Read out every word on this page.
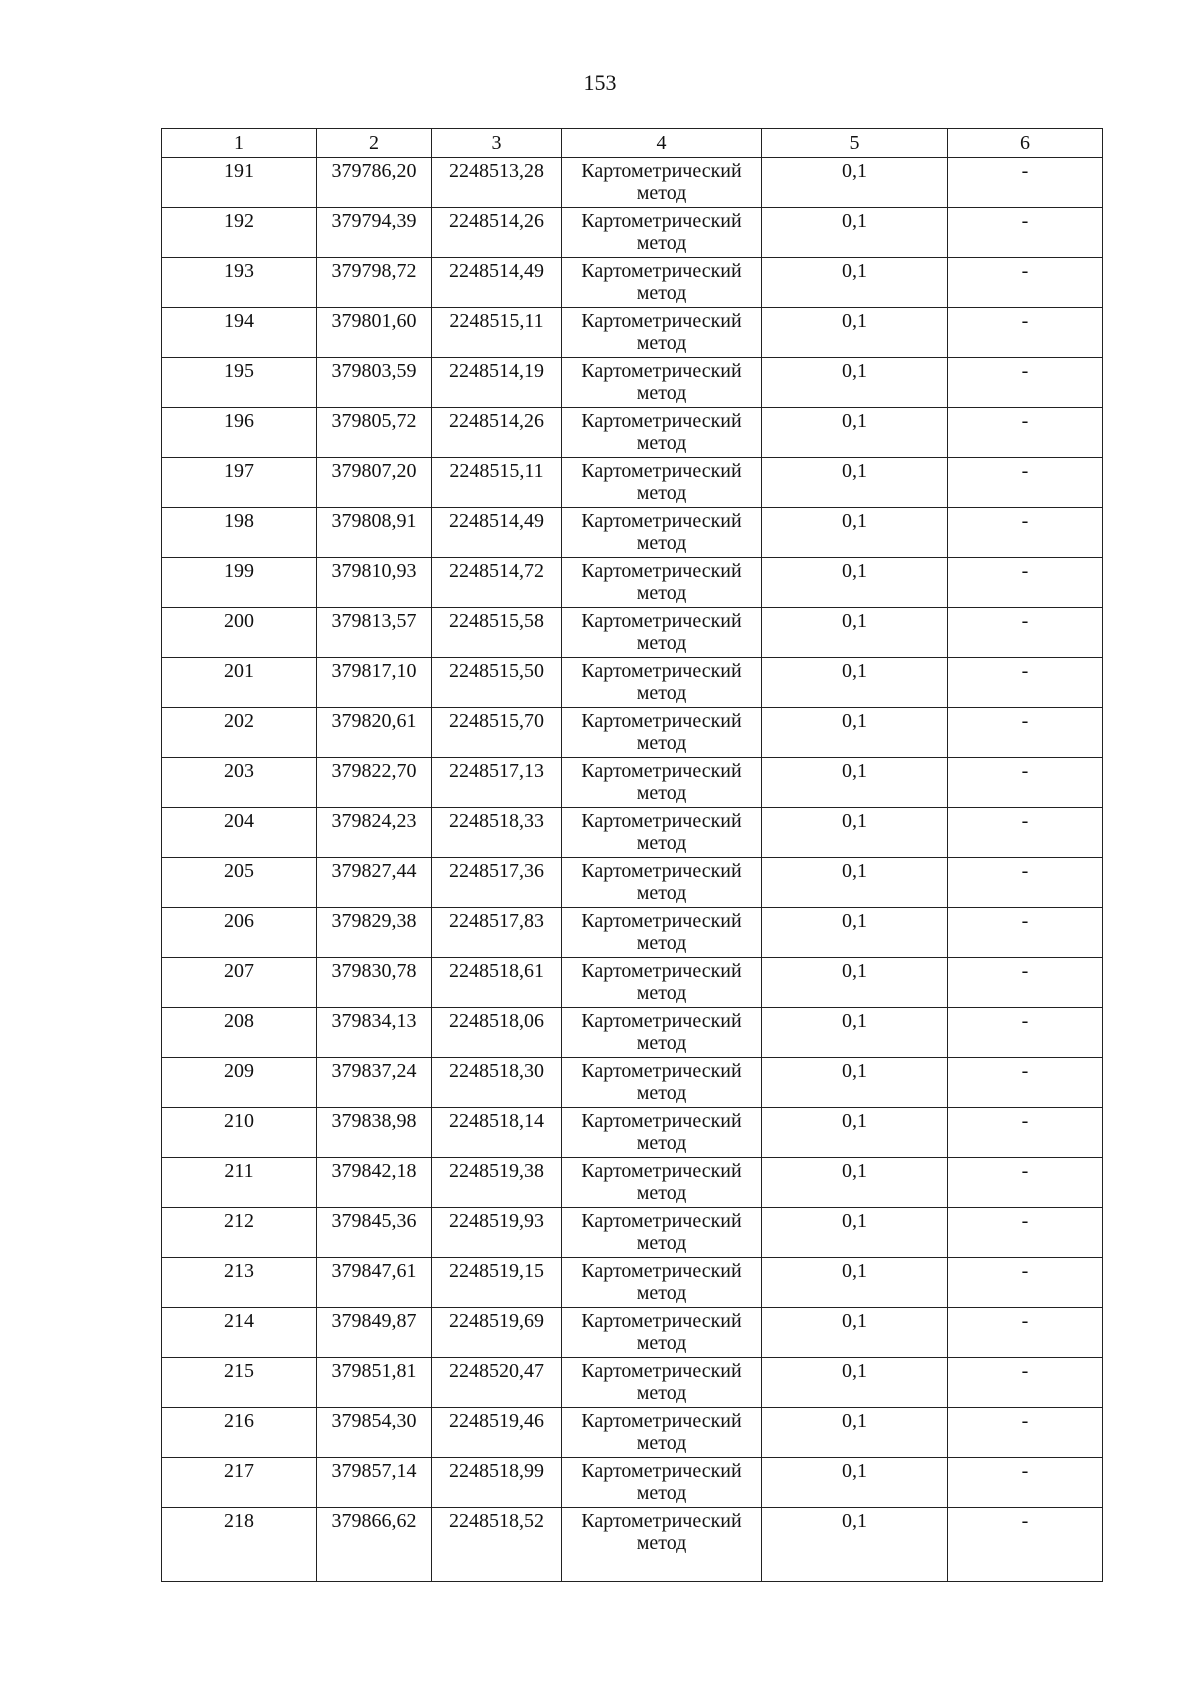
153
1	2	3	4	5	6
191	379786,20	2248513,28	Картометрический метод	0,1	-
192	379794,39	2248514,26	Картометрический метод	0,1	-
193	379798,72	2248514,49	Картометрический метод	0,1	-
194	379801,60	2248515,11	Картометрический метод	0,1	-
195	379803,59	2248514,19	Картометрический метод	0,1	-
196	379805,72	2248514,26	Картометрический метод	0,1	-
197	379807,20	2248515,11	Картометрический метод	0,1	-
198	379808,91	2248514,49	Картометрический метод	0,1	-
199	379810,93	2248514,72	Картометрический метод	0,1	-
200	379813,57	2248515,58	Картометрический метод	0,1	-
201	379817,10	2248515,50	Картометрический метод	0,1	-
202	379820,61	2248515,70	Картометрический метод	0,1	-
203	379822,70	2248517,13	Картометрический метод	0,1	-
204	379824,23	2248518,33	Картометрический метод	0,1	-
205	379827,44	2248517,36	Картометрический метод	0,1	-
206	379829,38	2248517,83	Картометрический метод	0,1	-
207	379830,78	2248518,61	Картометрический метод	0,1	-
208	379834,13	2248518,06	Картометрический метод	0,1	-
209	379837,24	2248518,30	Картометрический метод	0,1	-
210	379838,98	2248518,14	Картометрический метод	0,1	-
211	379842,18	2248519,38	Картометрический метод	0,1	-
212	379845,36	2248519,93	Картометрический метод	0,1	-
213	379847,61	2248519,15	Картометрический метод	0,1	-
214	379849,87	2248519,69	Картометрический метод	0,1	-
215	379851,81	2248520,47	Картометрический метод	0,1	-
216	379854,30	2248519,46	Картометрический метод	0,1	-
217	379857,14	2248518,99	Картометрический метод	0,1	-
218	379866,62	2248518,52	Картометрический метод	0,1	-
